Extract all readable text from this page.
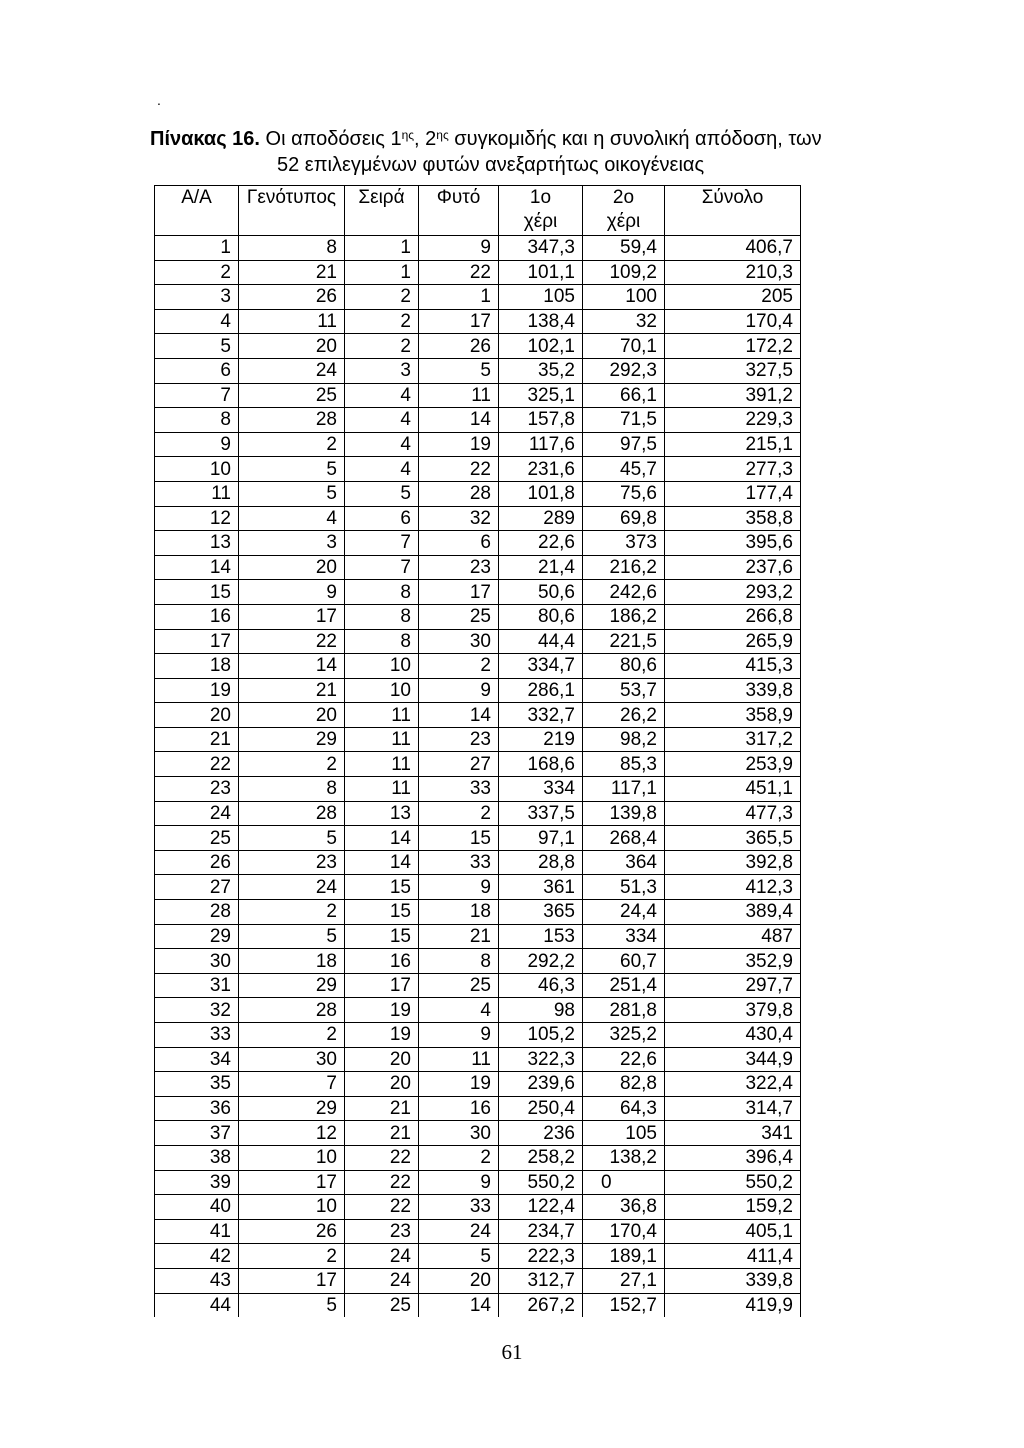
.
Πίνακας 16. Οι αποδόσεις $1^{\eta\varsigma}$, $2^{\eta\varsigma}$ συγκομιδής και η συνολική απόδοση, των
52 επιλεγμένων φυτών ανεξαρτήτως οικογένειας
Α/Α	Γενότυπος	Σειρά	Φυτό	1ο χέρι	2ο χέρι	Σύνολο
1	8	1	9	347,3	59,4	406,7
2	21	1	22	101,1	109,2	210,3
3	26	2	1	105	100	205
4	11	2	17	138,4	32	170,4
5	20	2	26	102,1	70,1	172,2
6	24	3	5	35,2	292,3	327,5
7	25	4	11	325,1	66,1	391,2
8	28	4	14	157,8	71,5	229,3
9	2	4	19	117,6	97,5	215,1
10	5	4	22	231,6	45,7	277,3
11	5	5	28	101,8	75,6	177,4
12	4	6	32	289	69,8	358,8
13	3	7	6	22,6	373	395,6
14	20	7	23	21,4	216,2	237,6
15	9	8	17	50,6	242,6	293,2
16	17	8	25	80,6	186,2	266,8
17	22	8	30	44,4	221,5	265,9
18	14	10	2	334,7	80,6	415,3
19	21	10	9	286,1	53,7	339,8
20	20	11	14	332,7	26,2	358,9
21	29	11	23	219	98,2	317,2
22	2	11	27	168,6	85,3	253,9
23	8	11	33	334	117,1	451,1
24	28	13	2	337,5	139,8	477,3
25	5	14	15	97,1	268,4	365,5
26	23	14	33	28,8	364	392,8
27	24	15	9	361	51,3	412,3
28	2	15	18	365	24,4	389,4
29	5	15	21	153	334	487
30	18	16	8	292,2	60,7	352,9
31	29	17	25	46,3	251,4	297,7
32	28	19	4	98	281,8	379,8
33	2	19	9	105,2	325,2	430,4
34	30	20	11	322,3	22,6	344,9
35	7	20	19	239,6	82,8	322,4
36	29	21	16	250,4	64,3	314,7
37	12	21	30	236	105	341
38	10	22	2	258,2	138,2	396,4
39	17	22	9	550,2	0	550,2
40	10	22	33	122,4	36,8	159,2
41	26	23	24	234,7	170,4	405,1
42	2	24	5	222,3	189,1	411,4
43	17	24	20	312,7	27,1	339,8
44	5	25	14	267,2	152,7	419,9
61
